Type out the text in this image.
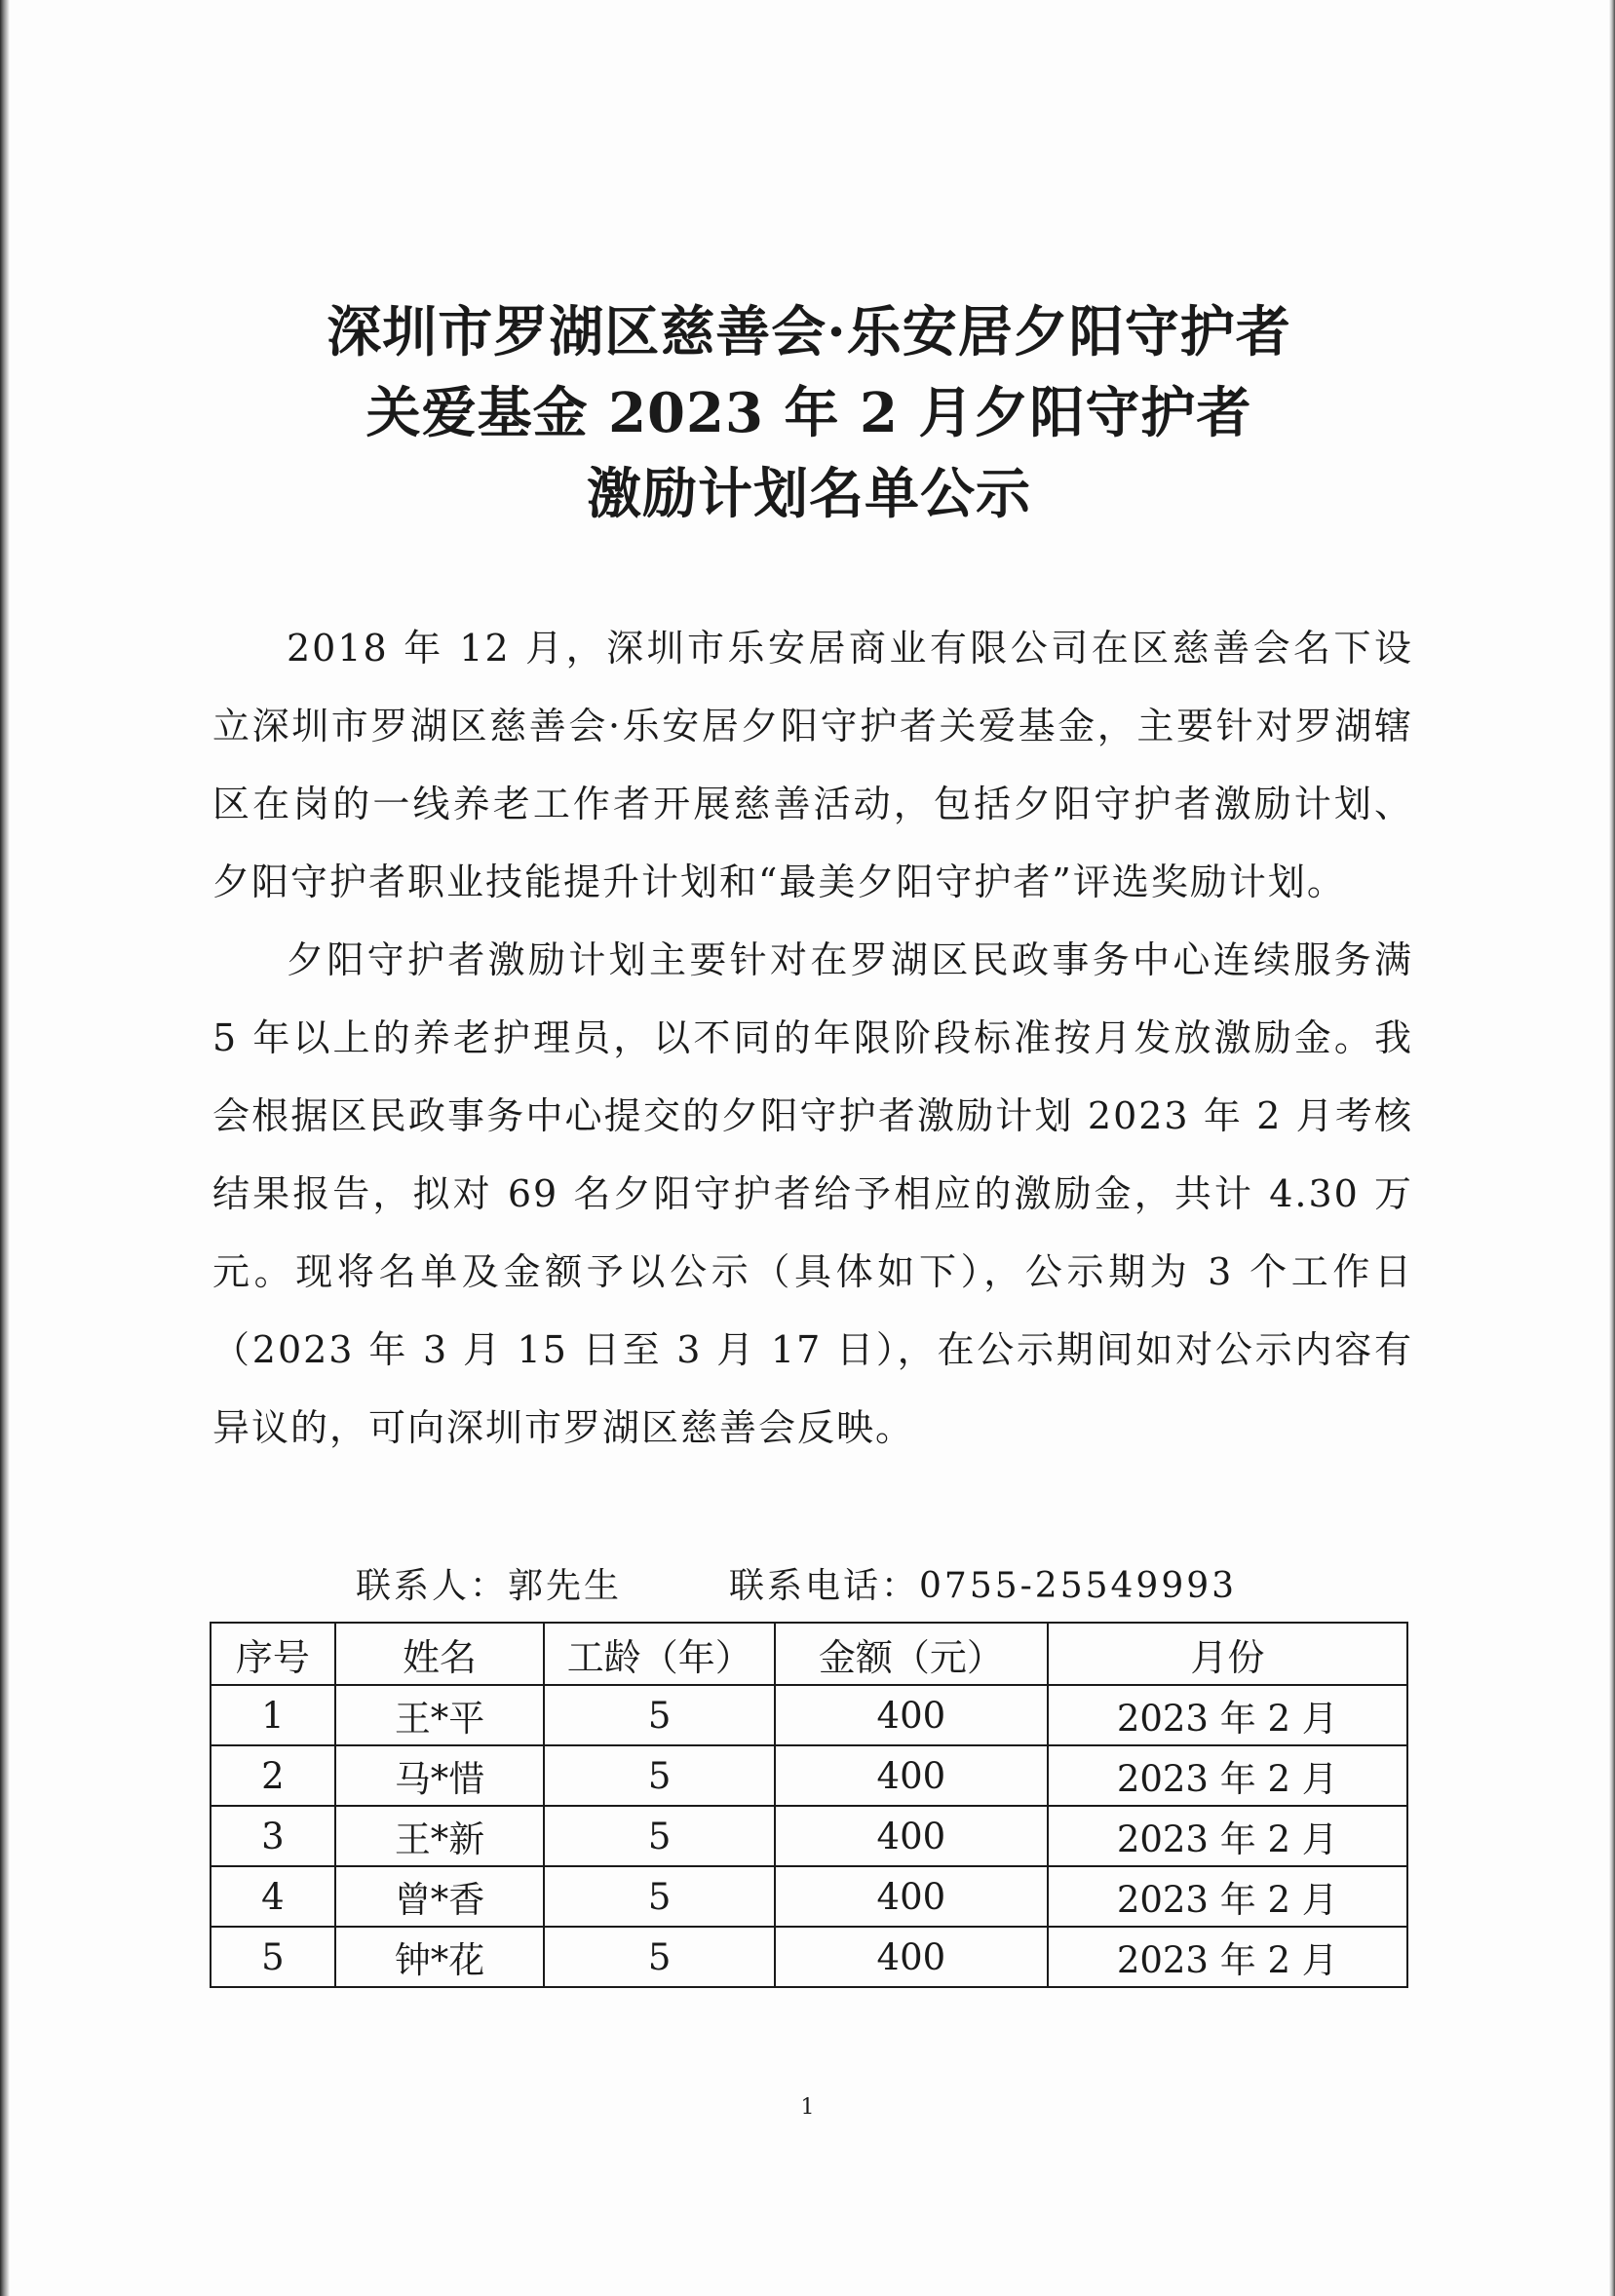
深圳市罗湖区慈善会·乐安居夕阳守护者
关爱基金 2023 年 2 月夕阳守护者
激励计划名单公示

2018 年 12 月，深圳市乐安居商业有限公司在区慈善会名下设立深圳市罗湖区慈善会·乐安居夕阳守护者关爱基金，主要针对罗湖辖区在岗的一线养老工作者开展慈善活动，包括夕阳守护者激励计划、夕阳守护者职业技能提升计划和“最美夕阳守护者”评选奖励计划。

夕阳守护者激励计划主要针对在罗湖区民政事务中心连续服务满 5 年以上的养老护理员，以不同的年限阶段标准按月发放激励金。我会根据区民政事务中心提交的夕阳守护者激励计划 2023 年 2 月考核结果报告，拟对 69 名夕阳守护者给予相应的激励金，共计 4.30 万元。现将名单及金额予以公示（具体如下），公示期为 3 个工作日（2023 年 3 月 15 日至 3 月 17 日），在公示期间如对公示内容有异议的，可向深圳市罗湖区慈善会反映。

联系人：郭先生	联系电话：0755-25549993
序号	姓名	工龄（年）	金额（元）	月份
1	王*平	5	400	2023 年 2 月
2	马*惜	5	400	2023 年 2 月
3	王*新	5	400	2023 年 2 月
4	曾*香	5	400	2023 年 2 月
5	钟*花	5	400	2023 年 2 月
1
